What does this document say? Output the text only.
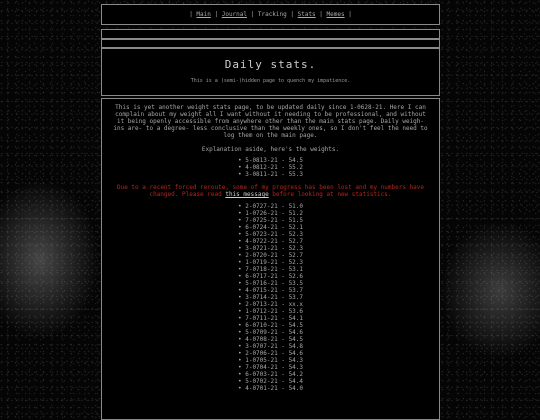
| Main | Journal | Tracking | Stats | Memes |
Daily stats.

This is a (semi-)hidden page to quench my impatience.

This is yet another weight stats page, to be updated daily since 1-0628-21. Here I can complain about my weight all I want without it needing to be professional, and without it being openly accessible from anywhere other than the main stats page. Daily weigh-ins are- to a degree- less conclusive than the weekly ones, so I don't feel the need to log them on the main page.

Explanation aside, here's the weights.

• 5-0813-21 - 54.5
• 4-0812-21 - 55.2
• 3-0811-21 - 55.3

Due to a recent forced reroute, some of my progress has been lost and my numbers have changed. Please read this message before looking at new statistics.

• 2-0727-21 - 51.0
• 1-0726-21 - 51.2
• 7-0725-21 - 51.5
• 6-0724-21 - 52.1
• 5-0723-21 - 52.3
• 4-0722-21 - 52.7
• 3-0721-21 - 52.3
• 2-0720-21 - 52.7
• 1-0719-21 - 52.3
• 7-0718-21 - 53.1
• 6-0717-21 - 52.6
• 5-0716-21 - 53.5
• 4-0715-21 - 53.7
• 3-0714-21 - 53.7
• 2-0713-21 - xx.x
• 1-0712-21 - 53.6
• 7-0711-21 - 54.1
• 6-0710-21 - 54.5
• 5-0709-21 - 54.6
• 4-0708-21 - 54.5
• 3-0707-21 - 54.8
• 2-0706-21 - 54.6
• 1-0705-21 - 54.3
• 7-0704-21 - 54.3
• 6-0703-21 - 54.2
• 5-0702-21 - 54.4
• 4-0701-21 - 54.0
